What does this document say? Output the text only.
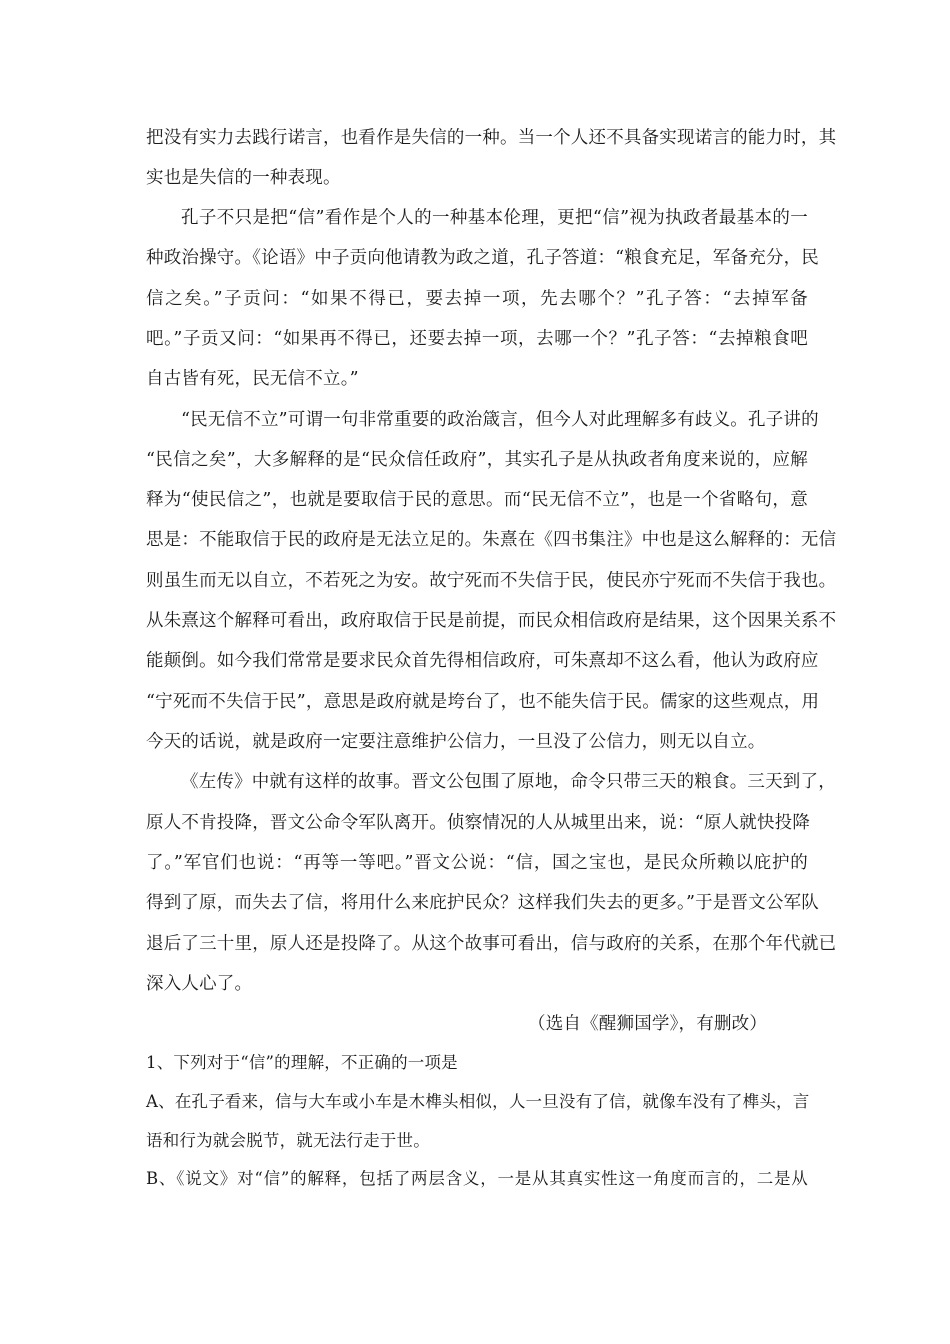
把没有实力去践行诺言，也看作是失信的一种。当一个人还不具备实现诺言的能力时，其
实也是失信的一种表现。
孔子不只是把“信”看作是个人的一种基本伦理，更把“信”视为执政者最基本的一
种政治操守。《论语》中子贡向他请教为政之道，孔子答道：“粮食充足，军备充分，民
信之矣。”子贡问：“如果不得已，要去掉一项，先去哪个？”孔子答：“去掉军备
吧。”子贡又问：“如果再不得已，还要去掉一项，去哪一个？”孔子答：“去掉粮食吧
自古皆有死，民无信不立。”
“民无信不立”可谓一句非常重要的政治箴言，但今人对此理解多有歧义。孔子讲的
“民信之矣”，大多解释的是“民众信任政府”，其实孔子是从执政者角度来说的，应解
释为“使民信之”，也就是要取信于民的意思。而“民无信不立”，也是一个省略句，意
思是：不能取信于民的政府是无法立足的。朱熹在《四书集注》中也是这么解释的：无信
则虽生而无以自立，不若死之为安。故宁死而不失信于民，使民亦宁死而不失信于我也。
从朱熹这个解释可看出，政府取信于民是前提，而民众相信政府是结果，这个因果关系不
能颠倒。如今我们常常是要求民众首先得相信政府，可朱熹却不这么看，他认为政府应
“宁死而不失信于民”，意思是政府就是垮台了，也不能失信于民。儒家的这些观点，用
今天的话说，就是政府一定要注意维护公信力，一旦没了公信力，则无以自立。
《左传》中就有这样的故事。晋文公包围了原地，命令只带三天的粮食。三天到了，
原人不肯投降，晋文公命令军队离开。侦察情况的人从城里出来，说：“原人就快投降
了。”军官们也说：“再等一等吧。”晋文公说：“信，国之宝也，是民众所赖以庇护的
得到了原，而失去了信，将用什么来庇护民众？这样我们失去的更多。”于是晋文公军队
退后了三十里，原人还是投降了。从这个故事可看出，信与政府的关系，在那个年代就已
深入人心了。
（选自《醒狮国学》，有删改）
1、下列对于“信”的理解，不正确的一项是
A、在孔子看来，信与大车或小车是木榫头相似，人一旦没有了信，就像车没有了榫头，言
语和行为就会脱节，就无法行走于世。
B、《说文》对“信”的解释，包括了两层含义，一是从其真实性这一角度而言的，二是从
